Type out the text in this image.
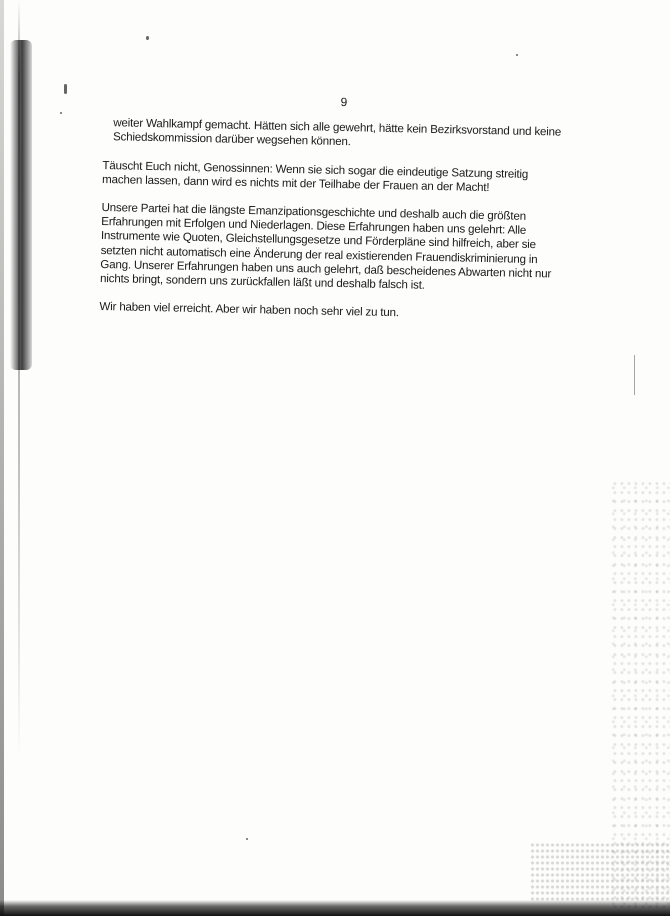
9

weiter Wahlkampf gemacht. Hätten sich alle gewehrt, hätte kein Bezirksvorstand und keine
Schiedskommission darüber wegsehen können.

Täuscht Euch nicht, Genossinnen: Wenn sie sich sogar die eindeutige Satzung streitig
machen lassen, dann wird es nichts mit der Teilhabe der Frauen an der Macht!

Unsere Partei hat die längste Emanzipationsgeschichte und deshalb auch die größten
Erfahrungen mit Erfolgen und Niederlagen. Diese Erfahrungen haben uns gelehrt: Alle
Instrumente wie Quoten, Gleichstellungsgesetze und Förderpläne sind hilfreich, aber sie
setzten nicht automatisch eine Änderung der real existierenden Frauendiskriminierung in
Gang. Unserer Erfahrungen haben uns auch gelehrt, daß bescheidenes Abwarten nicht nur
nichts bringt, sondern uns zurückfallen läßt und deshalb falsch ist.

Wir haben viel erreicht. Aber wir haben noch sehr viel zu tun.
